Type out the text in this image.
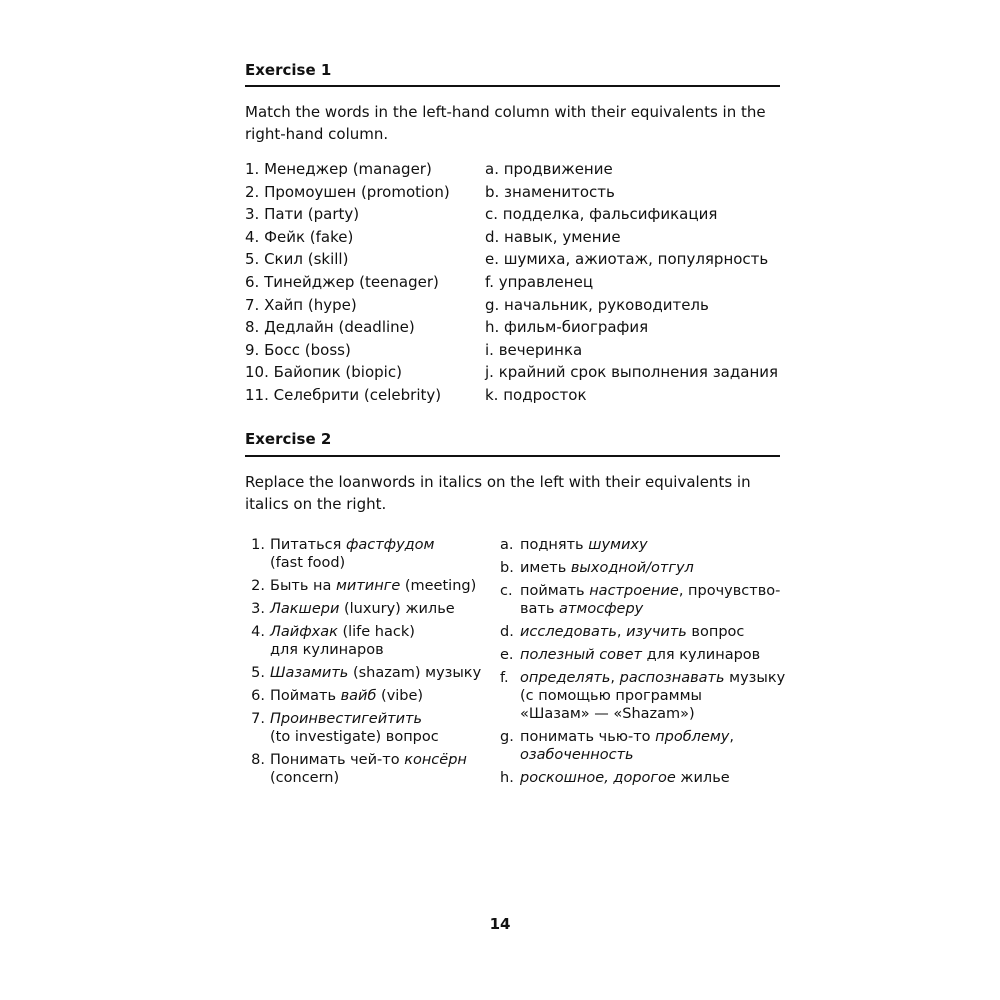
Exercise 1
Match the words in the left-hand column with their equivalents in the right-hand column.
1. Менеджер (manager)
2. Промоушен (promotion)
3. Пати (party)
4. Фейк (fake)
5. Скил (skill)
6. Тинейджер (teenager)
7. Хайп (hype)
8. Дедлайн (deadline)
9. Босс (boss)
10. Байопик (biopic)
11. Селебрити (celebrity)
a. продвижение
b. знаменитость
c. подделка, фальсификация
d. навык, умение
e. шумиха, ажиотаж, популярность
f. управленец
g. начальник, руководитель
h. фильм-биография
i. вечеринка
j. крайний срок выполнения задания
k. подросток
Exercise 2
Replace the loanwords in italics on the left with their equivalents in italics on the right.
1. Питаться фастфудом
(fast food)
2. Быть на митинге (meeting)
3. Лакшери (luxury) жилье
4. Лайфхак (life hack)
для кулинаров
5. Шазамить (shazam) музыку
6. Поймать вайб (vibe)
7. Проинвестигейтить
(to investigate) вопрос
8. Понимать чей-то консёрн
(concern)
a. поднять шумиху
b. иметь выходной/отгул
c. поймать настроение, прочувство-
вать атмосферу
d. исследовать, изучить вопрос
e. полезный совет для кулинаров
f. определять, распознавать музыку
(с помощью программы
«Шазам» — «Shazam»)
g. понимать чью-то проблему,
озабоченность
h. роскошное, дорогое жилье
14
